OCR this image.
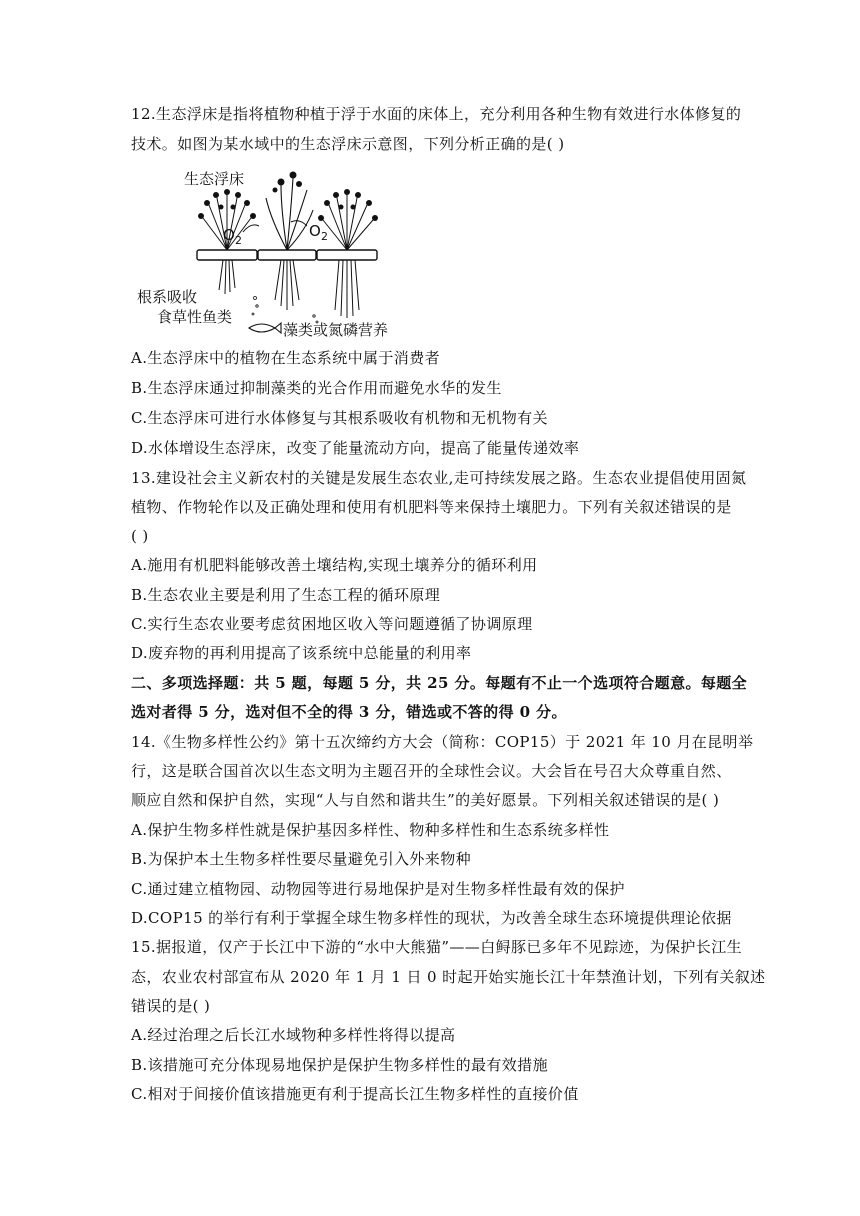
12.生态浮床是指将植物种植于浮于水面的床体上，充分利用各种生物有效进行水体修复的
技术。如图为某水域中的生态浮床示意图，下列分析正确的是( )
生态浮床
根系吸收
食草性鱼类
藻类或氮磷营养
O 2
O 2
A.生态浮床中的植物在生态系统中属于消费者
B.生态浮床通过抑制藻类的光合作用而避免水华的发生
C.生态浮床可进行水体修复与其根系吸收有机物和无机物有关
D.水体增设生态浮床，改变了能量流动方向，提高了能量传递效率
13.建设社会主义新农村的关键是发展生态农业,走可持续发展之路。生态农业提倡使用固氮
植物、作物轮作以及正确处理和使用有机肥料等来保持土壤肥力。下列有关叙述错误的是
( )
A.施用有机肥料能够改善土壤结构,实现土壤养分的循环利用
B.生态农业主要是利用了生态工程的循环原理
C.实行生态农业要考虑贫困地区收入等问题遵循了协调原理
D.废弃物的再利用提高了该系统中总能量的利用率
二、多项选择题：共 5 题，每题 5 分，共 25 分。每题有不止一个选项符合题意。每题全
选对者得 5 分，选对但不全的得 3 分，错选或不答的得 0 分。
14.《生物多样性公约》第十五次缔约方大会（简称：COP15）于 2021 年 10 月在昆明举
行，这是联合国首次以生态文明为主题召开的全球性会议。大会旨在号召大众尊重自然、
顺应自然和保护自然，实现“人与自然和谐共生”的美好愿景。下列相关叙述错误的是( )
A.保护生物多样性就是保护基因多样性、物种多样性和生态系统多样性
B.为保护本土生物多样性要尽量避免引入外来物种
C.通过建立植物园、动物园等进行易地保护是对生物多样性最有效的保护
D.COP15 的举行有利于掌握全球生物多样性的现状，为改善全球生态环境提供理论依据
15.据报道，仅产于长江中下游的“水中大熊猫”——白鲟豚已多年不见踪迹，为保护长江生
态，农业农村部宣布从 2020 年 1 月 1 日 0 时起开始实施长江十年禁渔计划，下列有关叙述
错误的是( )
A.经过治理之后长江水域物种多样性将得以提高
B.该措施可充分体现易地保护是保护生物多样性的最有效措施
C.相对于间接价值该措施更有利于提高长江生物多样性的直接价值
